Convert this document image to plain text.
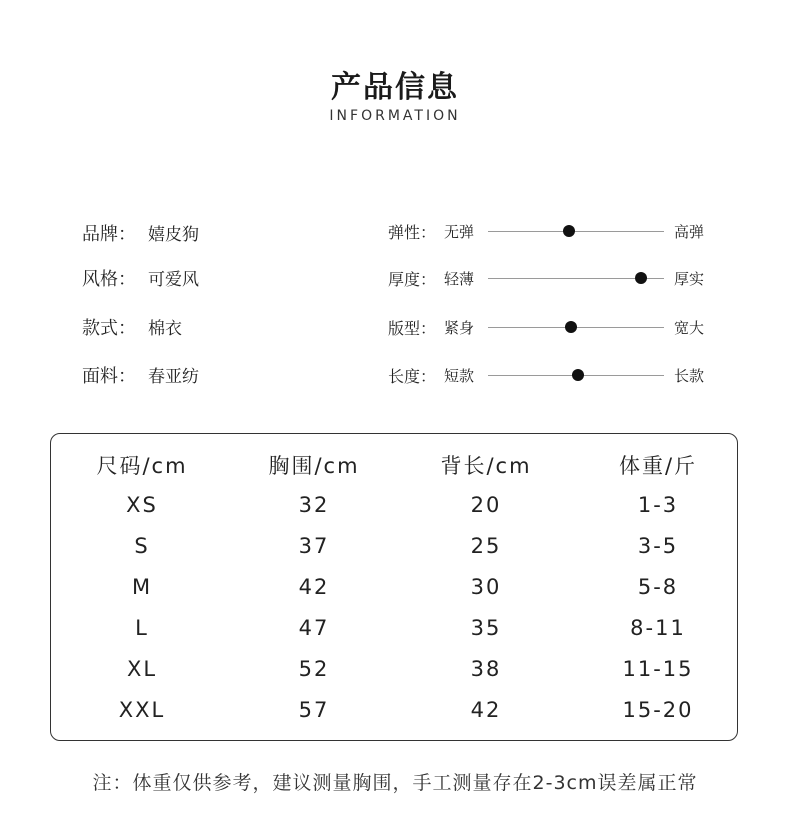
产品信息
INFORMATION
品牌： 嬉皮狗
风格： 可爱风
款式： 棉衣
面料： 春亚纺
弹性： 无弹	高弹
厚度： 轻薄	厚实
版型： 紧身	宽大
长度： 短款	长款
尺码/cm	胸围/cm	背长/cm	体重/斤
XS	32	20	1-3
S	37	25	3-5
M	42	30	5-8
L	47	35	8-11
XL	52	38	11-15
XXL	57	42	15-20
注：体重仅供参考，建议测量胸围，手工测量存在2-3cm误差属正常
